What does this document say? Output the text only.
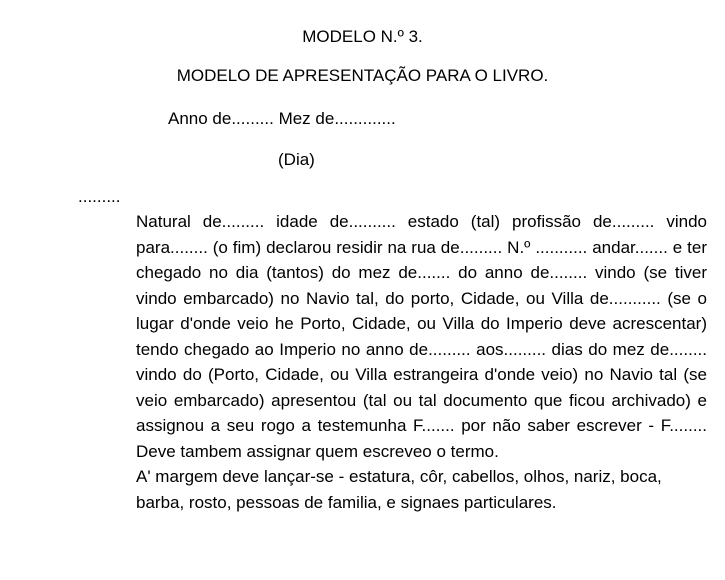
MODELO N.º 3.
MODELO DE APRESENTAÇÃO PARA O LIVRO.
Anno de......... Mez de.............
(Dia)
.........
Natural de......... idade de.......... estado (tal) profissão de......... vindo para........ (o fim) declarou residir na rua de......... N.º ........... andar....... e ter chegado no dia (tantos) do mez de....... do anno de........ vindo (se tiver vindo embarcado) no Navio tal, do porto, Cidade, ou Villa de........... (se o lugar d'onde veio he Porto, Cidade, ou Villa do Imperio deve acrescentar) tendo chegado ao Imperio no anno de......... aos......... dias do mez de........ vindo do (Porto, Cidade, ou Villa estrangeira d'onde veio) no Navio tal (se veio embarcado) apresentou (tal ou tal documento que ficou archivado) e assignou a seu rogo a testemunha F....... por não saber escrever - F........ Deve tambem assignar quem escreveo o termo.
A' margem deve lançar-se - estatura, côr, cabellos, olhos, nariz, boca, barba, rosto, pessoas de familia, e signaes particulares.
